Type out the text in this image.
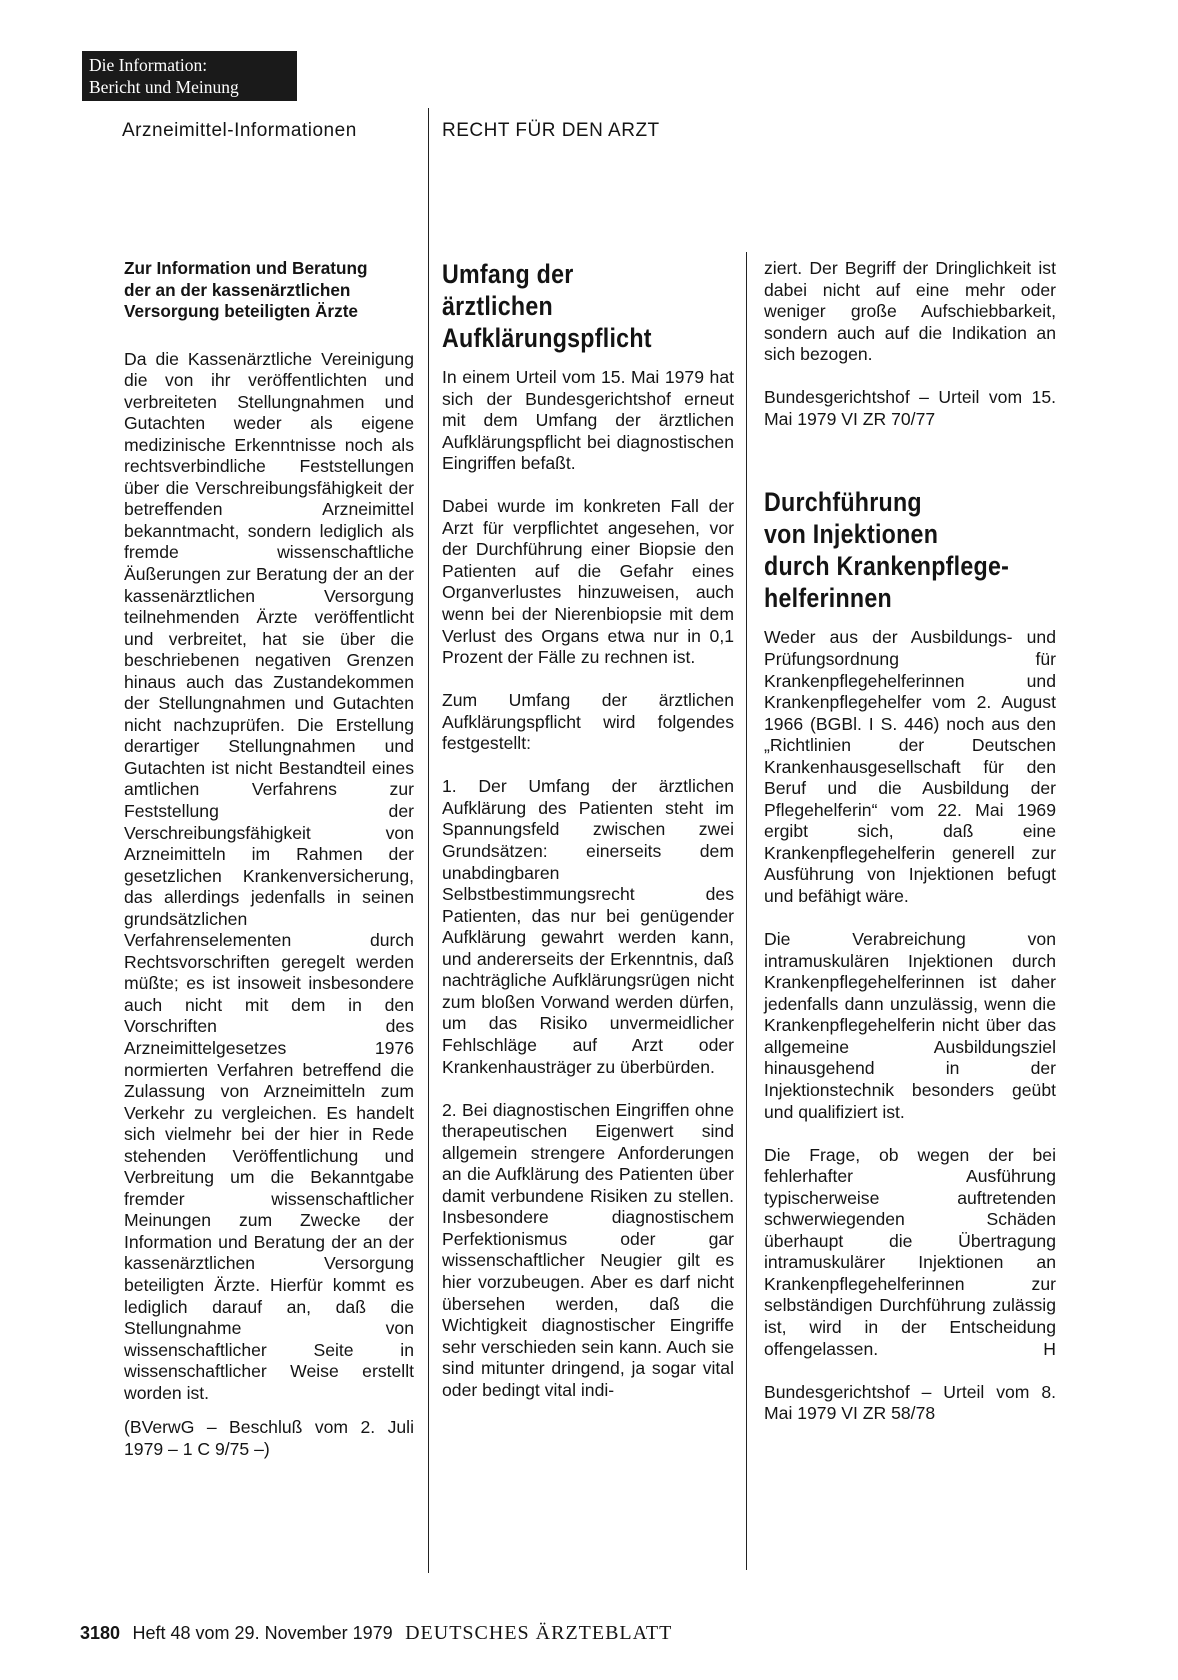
Die Information:
Bericht und Meinung
Arzneimittel-Informationen	RECHT FÜR DEN ARZT
Zur Information und Beratung
der an der kassenärztlichen
Versorgung beteiligten Ärzte

Da die Kassenärztliche Vereinigung die von ihr veröffentlichten und verbreiteten Stellungnahmen und Gutachten weder als eigene medizinische Erkenntnisse noch als rechtsverbindliche Feststellungen über die Verschreibungsfähigkeit der betreffenden Arzneimittel bekanntmacht, sondern lediglich als fremde wissenschaftliche Äußerungen zur Beratung der an der kassenärztlichen Versorgung teilnehmenden Ärzte veröffentlicht und verbreitet, hat sie über die beschriebenen negativen Grenzen hinaus auch das Zustandekommen der Stellungnahmen und Gutachten nicht nachzuprüfen. Die Erstellung derartiger Stellungnahmen und Gutachten ist nicht Bestandteil eines amtlichen Verfahrens zur Feststellung der Verschreibungsfähigkeit von Arzneimitteln im Rahmen der gesetzlichen Krankenversicherung, das allerdings jedenfalls in seinen grundsätzlichen Verfahrenselementen durch Rechtsvorschriften geregelt werden müßte; es ist insoweit insbesondere auch nicht mit dem in den Vorschriften des Arzneimittelgesetzes 1976 normierten Verfahren betreffend die Zulassung von Arzneimitteln zum Verkehr zu vergleichen. Es handelt sich vielmehr bei der hier in Rede stehenden Veröffentlichung und Verbreitung um die Bekanntgabe fremder wissenschaftlicher Meinungen zum Zwecke der Information und Beratung der an der kassenärztlichen Versorgung beteiligten Ärzte. Hierfür kommt es lediglich darauf an, daß die Stellungnahme von wissenschaftlicher Seite in wissenschaftlicher Weise erstellt worden ist.

(BVerwG – Beschluß vom 2. Juli 1979 – 1 C 9/75 –)

Umfang der
ärztlichen
Aufklärungspflicht

In einem Urteil vom 15. Mai 1979 hat sich der Bundesgerichtshof erneut mit dem Umfang der ärztlichen Aufklärungspflicht bei diagnostischen Eingriffen befaßt.

Dabei wurde im konkreten Fall der Arzt für verpflichtet angesehen, vor der Durchführung einer Biopsie den Patienten auf die Gefahr eines Organverlustes hinzuweisen, auch wenn bei der Nierenbiopsie mit dem Verlust des Organs etwa nur in 0,1 Prozent der Fälle zu rechnen ist.

Zum Umfang der ärztlichen Aufklärungspflicht wird folgendes festgestellt:

1. Der Umfang der ärztlichen Aufklärung des Patienten steht im Spannungsfeld zwischen zwei Grundsätzen: einerseits dem unabdingbaren Selbstbestimmungsrecht des Patienten, das nur bei genügender Aufklärung gewahrt werden kann, und andererseits der Erkenntnis, daß nachträgliche Aufklärungsrügen nicht zum bloßen Vorwand werden dürfen, um das Risiko unvermeidlicher Fehlschläge auf Arzt oder Krankenhausträger zu überbürden.

2. Bei diagnostischen Eingriffen ohne therapeutischen Eigenwert sind allgemein strengere Anforderungen an die Aufklärung des Patienten über damit verbundene Risiken zu stellen. Insbesondere diagnostischem Perfektionismus oder gar wissenschaftlicher Neugier gilt es hier vorzubeugen. Aber es darf nicht übersehen werden, daß die Wichtigkeit diagnostischer Eingriffe sehr verschieden sein kann. Auch sie sind mitunter dringend, ja sogar vital oder bedingt vital indi-

ziert. Der Begriff der Dringlichkeit ist dabei nicht auf eine mehr oder weniger große Aufschiebbarkeit, sondern auch auf die Indikation an sich bezogen.

Bundesgerichtshof – Urteil vom 15. Mai 1979 VI ZR 70/77

Durchführung
von Injektionen
durch Krankenpflege-
helferinnen

Weder aus der Ausbildungs- und Prüfungsordnung für Krankenpflegehelferinnen und Krankenpflegehelfer vom 2. August 1966 (BGBl. I S. 446) noch aus den „Richtlinien der Deutschen Krankenhausgesellschaft für den Beruf und die Ausbildung der Pflegehelferin“ vom 22. Mai 1969 ergibt sich, daß eine Krankenpflegehelferin generell zur Ausführung von Injektionen befugt und befähigt wäre.

Die Verabreichung von intramuskulären Injektionen durch Krankenpflegehelferinnen ist daher jedenfalls dann unzulässig, wenn die Krankenpflegehelferin nicht über das allgemeine Ausbildungsziel hinausgehend in der Injektionstechnik besonders geübt und qualifiziert ist.

Die Frage, ob wegen der bei fehlerhafter Ausführung typischerweise auftretenden schwerwiegenden Schäden überhaupt die Übertragung intramuskulärer Injektionen an Krankenpflegehelferinnen zur selbständigen Durchführung zulässig ist, wird in der Entscheidung offengelassen.	H

Bundesgerichtshof – Urteil vom 8. Mai 1979 VI ZR 58/78

3180 Heft 48 vom 29. November 1979 DEUTSCHES ÄRZTEBLATT
